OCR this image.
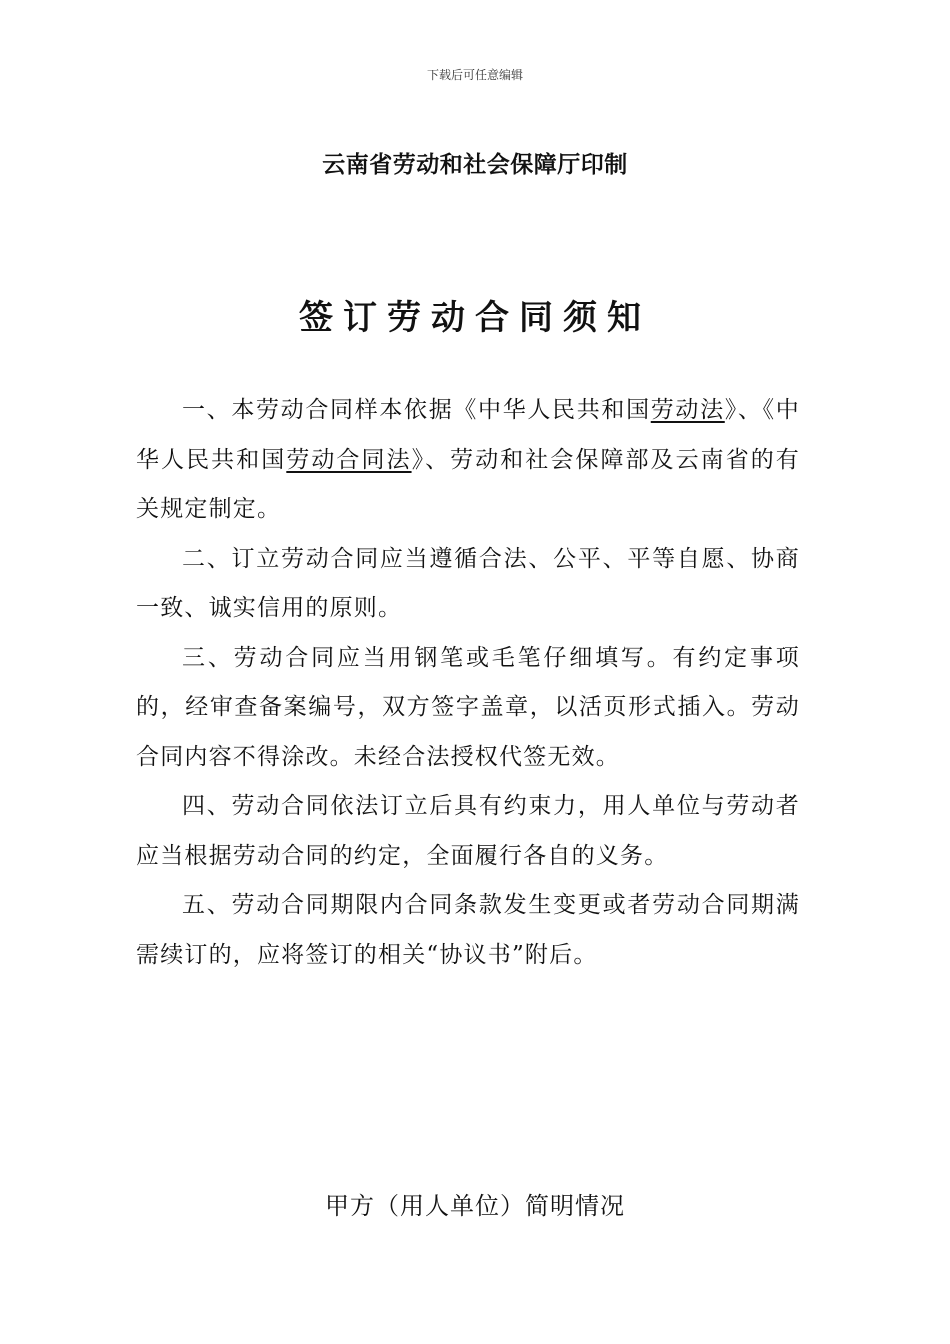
下载后可任意编辑
云南省劳动和社会保障厅印制
签订劳动合同须知

一、本劳动合同样本依据《中华人民共和国劳动法》、《中华人民共和国劳动合同法》、劳动和社会保障部及云南省的有关规定制定。

二、订立劳动合同应当遵循合法、公平、平等自愿、协商一致、诚实信用的原则。

三、劳动合同应当用钢笔或毛笔仔细填写。有约定事项的，经审查备案编号，双方签字盖章，以活页形式插入。劳动合同内容不得涂改。未经合法授权代签无效。

四、劳动合同依法订立后具有约束力，用人单位与劳动者应当根据劳动合同的约定，全面履行各自的义务。

五、劳动合同期限内合同条款发生变更或者劳动合同期满需续订的，应将签订的相关“协议书”附后。

甲方（用人单位）简明情况
